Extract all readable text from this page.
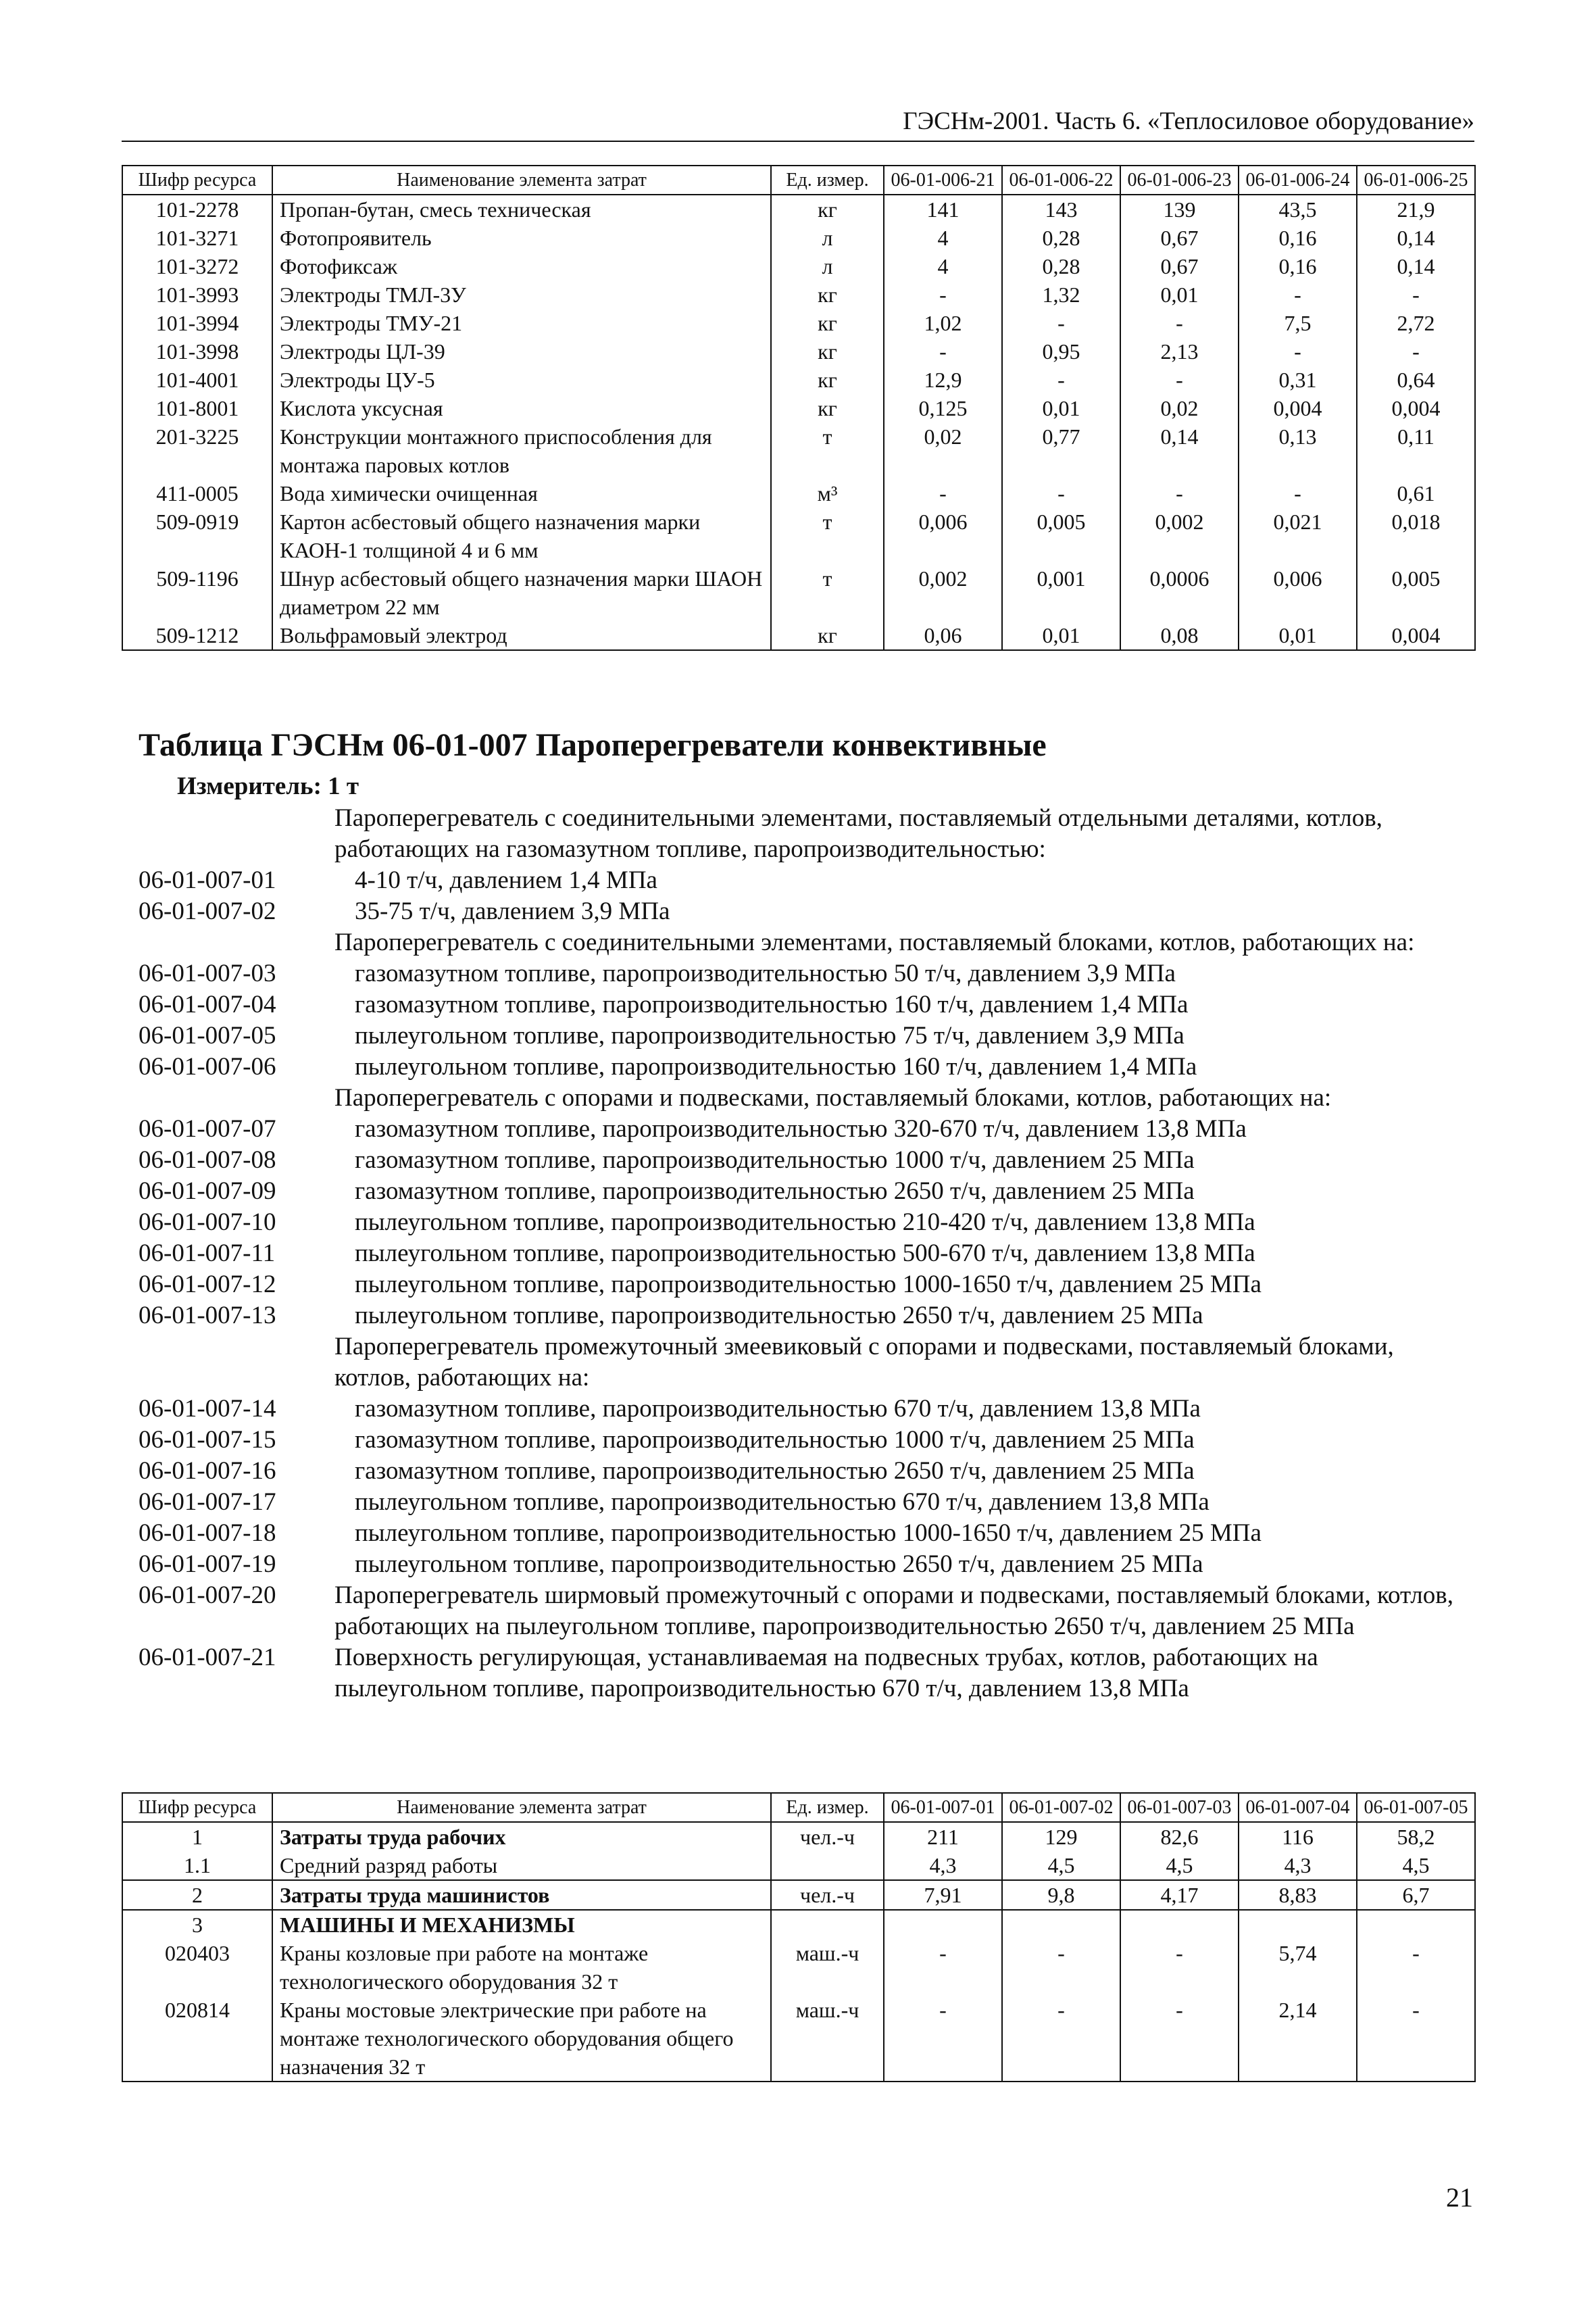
ГЭСНм-2001. Часть 6. «Теплосиловое оборудование»
Шифр ресурса	Наименование элемента затрат	Ед. измер.	06-01-006-21	06-01-006-22	06-01-006-23	06-01-006-24	06-01-006-25
101-2278	Пропан-бутан, смесь техническая	кг	141	143	139	43,5	21,9
101-3271	Фотопроявитель	л	4	0,28	0,67	0,16	0,14
101-3272	Фотофиксаж	л	4	0,28	0,67	0,16	0,14
101-3993	Электроды ТМЛ-3У	кг	-	1,32	0,01	-	-
101-3994	Электроды ТМУ-21	кг	1,02	-	-	7,5	2,72
101-3998	Электроды ЦЛ-39	кг	-	0,95	2,13	-	-
101-4001	Электроды ЦУ-5	кг	12,9	-	-	0,31	0,64
101-8001	Кислота уксусная	кг	0,125	0,01	0,02	0,004	0,004
201-3225	Конструкции монтажного приспособления для монтажа паровых котлов	т	0,02	0,77	0,14	0,13	0,11
411-0005	Вода химически очищенная	м³	-	-	-	-	0,61
509-0919	Картон асбестовый общего назначения марки КАОН-1 толщиной 4 и 6 мм	т	0,006	0,005	0,002	0,021	0,018
509-1196	Шнур асбестовый общего назначения марки ШАОН диаметром 22 мм	т	0,002	0,001	0,0006	0,006	0,005
509-1212	Вольфрамовый электрод	кг	0,06	0,01	0,08	0,01	0,004
Таблица ГЭСНм 06-01-007 Пароперегреватели конвективные
Измеритель: 1 т
Пароперегреватель с соединительными элементами, поставляемый отдельными деталями, котлов, работающих на газомазутном топливе, паропроизводительностью:
06-01-007-01	4-10 т/ч, давлением 1,4 МПа
06-01-007-02	35-75 т/ч, давлением 3,9 МПа
Пароперегреватель с соединительными элементами, поставляемый блоками, котлов, работающих на:
06-01-007-03	газомазутном топливе, паропроизводительностью 50 т/ч, давлением 3,9 МПа
06-01-007-04	газомазутном топливе, паропроизводительностью 160 т/ч, давлением 1,4 МПа
06-01-007-05	пылеугольном топливе, паропроизводительностью 75 т/ч, давлением 3,9 МПа
06-01-007-06	пылеугольном топливе, паропроизводительностью 160 т/ч, давлением 1,4 МПа
Пароперегреватель с опорами и подвесками, поставляемый блоками, котлов, работающих на:
06-01-007-07	газомазутном топливе, паропроизводительностью 320-670 т/ч, давлением 13,8 МПа
06-01-007-08	газомазутном топливе, паропроизводительностью 1000 т/ч, давлением 25 МПа
06-01-007-09	газомазутном топливе, паропроизводительностью 2650 т/ч, давлением 25 МПа
06-01-007-10	пылеугольном топливе, паропроизводительностью 210-420 т/ч, давлением 13,8 МПа
06-01-007-11	пылеугольном топливе, паропроизводительностью 500-670 т/ч, давлением 13,8 МПа
06-01-007-12	пылеугольном топливе, паропроизводительностью 1000-1650 т/ч, давлением 25 МПа
06-01-007-13	пылеугольном топливе, паропроизводительностью 2650 т/ч, давлением 25 МПа
Пароперегреватель промежуточный змеевиковый с опорами и подвесками, поставляемый блоками, котлов, работающих на:
06-01-007-14	газомазутном топливе, паропроизводительностью 670 т/ч, давлением 13,8 МПа
06-01-007-15	газомазутном топливе, паропроизводительностью 1000 т/ч, давлением 25 МПа
06-01-007-16	газомазутном топливе, паропроизводительностью 2650 т/ч, давлением 25 МПа
06-01-007-17	пылеугольном топливе, паропроизводительностью 670 т/ч, давлением 13,8 МПа
06-01-007-18	пылеугольном топливе, паропроизводительностью 1000-1650 т/ч, давлением 25 МПа
06-01-007-19	пылеугольном топливе, паропроизводительностью 2650 т/ч, давлением 25 МПа
06-01-007-20	Пароперегреватель ширмовый промежуточный с опорами и подвесками, поставляемый блоками, котлов, работающих на пылеугольном топливе, паропроизводительностью 2650 т/ч, давлением 25 МПа
06-01-007-21	Поверхность регулирующая, устанавливаемая на подвесных трубах, котлов, работающих на пылеугольном топливе, паропроизводительностью 670 т/ч, давлением 13,8 МПа
Шифр ресурса	Наименование элемента затрат	Ед. измер.	06-01-007-01	06-01-007-02	06-01-007-03	06-01-007-04	06-01-007-05
1	Затраты труда рабочих	чел.-ч	211	129	82,6	116	58,2
1.1	Средний разряд работы		4,3	4,5	4,5	4,3	4,5
2	Затраты труда машинистов	чел.-ч	7,91	9,8	4,17	8,83	6,7
3	МАШИНЫ И МЕХАНИЗМЫ						
020403	Краны козловые при работе на монтаже технологического оборудования 32 т	маш.-ч	-	-	-	5,74	-
020814	Краны мостовые электрические при работе на монтаже технологического оборудования общего назначения 32 т	маш.-ч	-	-	-	2,14	-
21
